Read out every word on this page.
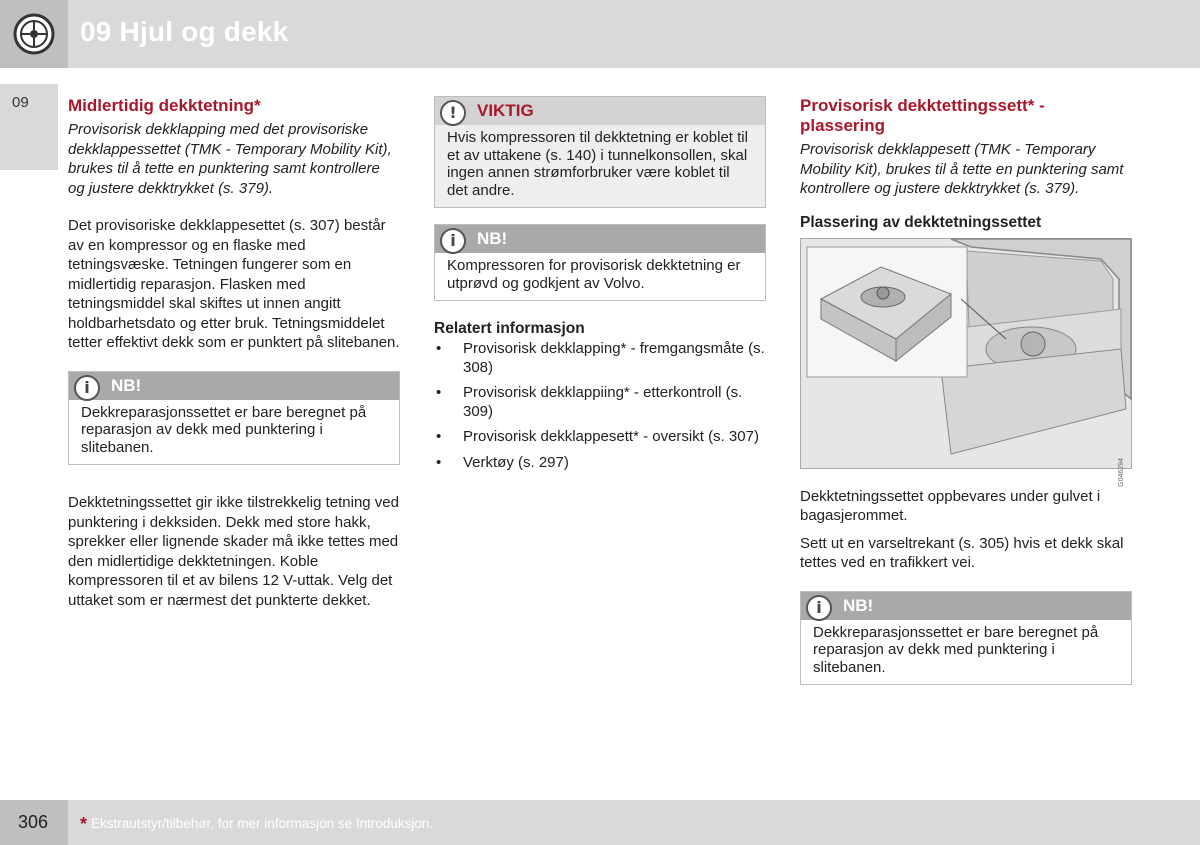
09 Hjul og dekk
09 Midlertidig dekktetning*

Provisorisk dekklapping med det provisoriske dekklappessettet (TMK - Temporary Mobility Kit), brukes til å tette en punktering samt kontrollere og justere dekktrykket (s. 379).

Det provisoriske dekklappesettet (s. 307) består av en kompressor og en flaske med tetningsvæske. Tetningen fungerer som en midlertidig reparasjon. Flasken med tetningsmiddel skal skiftes ut innen angitt holdbarhetsdato og etter bruk. Tetningsmiddelet tetter effektivt dekk som er punktert på slitebanen.

i	NB!
Dekkreparasjonssettet er bare beregnet på reparasjon av dekk med punktering i slitebanen.

Dekktetningssettet gir ikke tilstrekkelig tetning ved punktering i dekksiden. Dekk med store hakk, sprekker eller lignende skader må ikke tettes med den midlertidige dekktetningen. Koble kompressoren til et av bilens 12 V-uttak. Velg det uttaket som er nærmest det punkterte dekket.

!	VIKTIG
Hvis kompressoren til dekktetning er koblet til et av uttakene (s. 140) i tunnelkonsollen, skal ingen annen strømforbruker være koblet til det andre.
i	NB!
Kompressoren for provisorisk dekktetning er utprøvd og godkjent av Volvo.
Relatert informasjon
• Provisorisk dekklapping* - fremgangsmåte (s. 308)
• Provisorisk dekklappiing* - etterkontroll (s. 309)
• Provisorisk dekklappesett* - oversikt (s. 307)
• Verktøy (s. 297)
Provisorisk dekktettingssett* - plassering

Provisorisk dekklappesett (TMK - Temporary Mobility Kit), brukes til å tette en punktering samt kontrollere og justere dekktrykket (s. 379).

Plassering av dekktetningssettet
G046294

Dekktetningssettet oppbevares under gulvet i bagasjerommet.

Sett ut en varseltrekant (s. 305) hvis et dekk skal tettes ved en trafikkert vei.

i	NB!
Dekkreparasjonssettet er bare beregnet på reparasjon av dekk med punktering i slitebanen.
306 * Ekstrautstyr/tilbehør, for mer informasjon se Introduksjon.
